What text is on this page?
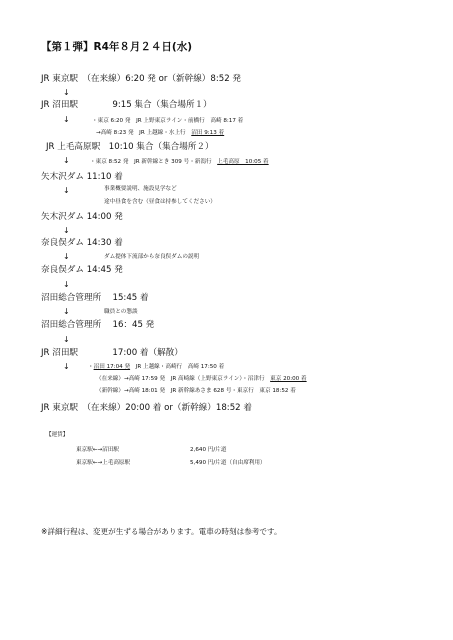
【第１弾】R4年８月２４日(水)
JR 東京駅　（在来線）6:20 発 or（新幹線）8:52 発
↓
JR 沼田駅　　　　9:15 集合（集合場所１）
↓	・東京 6:20 発　JR 上野東京ライン・前橋行　高崎 8:17 着
→高崎 8:23 発　JR 上越線・水上行　沼田 9:13 着
JR 上毛高原駅　10:10 集合（集合場所２）
↓	・東京 8:52 発　JR 新幹線とき 309 号・新潟行　上毛高原　10:05 着
矢木沢ダム 11:10 着
↓	事業概要説明、施設見学など
途中昼食を含む（昼食は持参してください）
矢木沢ダム 14:00 発
↓
奈良俣ダム 14:30 着
↓	ダム提体下流部から奈良俣ダムの説明
奈良俣ダム 14:45 発
↓
沼田総合管理所　 15:45 着
↓	職員との懇談
沼田総合管理所　 16：45 発
↓
JR 沼田駅　　　　17:00 着（解散）
↓	・沼田 17:04 発　JR 上越線・高崎行　高崎 17:50 着
（在来線）→高崎 17:59 発　JR 高崎線（上野東京ライン）・沼津行　東京 20:00 着
（新幹線）→高崎 18:01 発　JR 新幹線あさま 628 号・東京行　東京 18:52 着
JR 東京駅　（在来線）20:00 着 or（新幹線）18:52 着
【運賃】
東京駅←→沼田駅	2,640 円/片道
東京駅←→上毛高原駅	5,490 円/片道（自由席利用）
※詳細行程は、変更が生ずる場合があります。電車の時刻は参考です。
